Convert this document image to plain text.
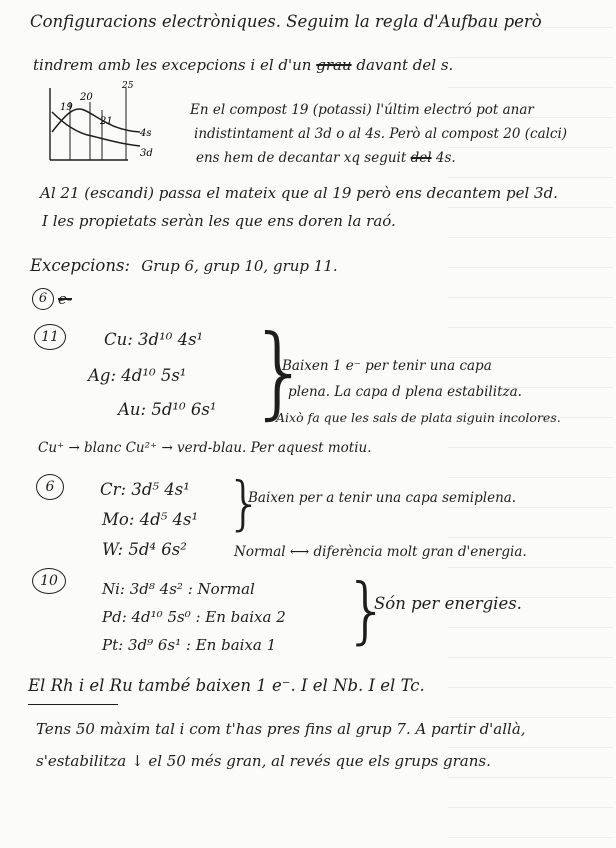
Configuracions electròniques. Seguim la regla d'Aufbau però
tindrem amb les excepcions i el d'un grau davant del s.
19
20
21
25
4s
3d
En el compost 19 (potassi) l'últim electró pot anar
indistintament al 3d o al 4s. Però al compost 20 (calci)
ens hem de decantar xq seguit del 4s.
Al 21 (escandi) passa el mateix que al 19 però ens decantem pel 3d.
I les propietats seràn les que ens doren la raó.
Excepcions: Grup 6, grup 10, grup 11.
6 e-
11	Cu: 3d¹⁰ 4s¹
Ag: 4d¹⁰ 5s¹
Au: 5d¹⁰ 6s¹ }
Baixen 1 e⁻ per tenir una capa
plena. La capa d plena estabilitza.
Això fa que les sals de plata siguin incolores.
Cu⁺ → blanc Cu²⁺ → verd-blau. Per aquest motiu.
6	Cr: 3d⁵ 4s¹
Mo: 4d⁵ 4s¹ }
Baixen per a tenir una capa semiplena.
W: 5d⁴ 6s²	Normal ⟷ diferència molt gran d'energia.
10	Ni: 3d⁸ 4s² : Normal
Pd: 4d¹⁰ 5s⁰ : En baixa 2
Pt: 3d⁹ 6s¹ : En baixa 1 }
Són per energies.
El Rh i el Ru també baixen 1 e⁻. I el Nb. I el Tc.
Tens 50 màxim tal i com t'has pres fins al grup 7. A partir d'allà,
s'estabilitza ↓ el 50 més gran, al revés que els grups grans.
